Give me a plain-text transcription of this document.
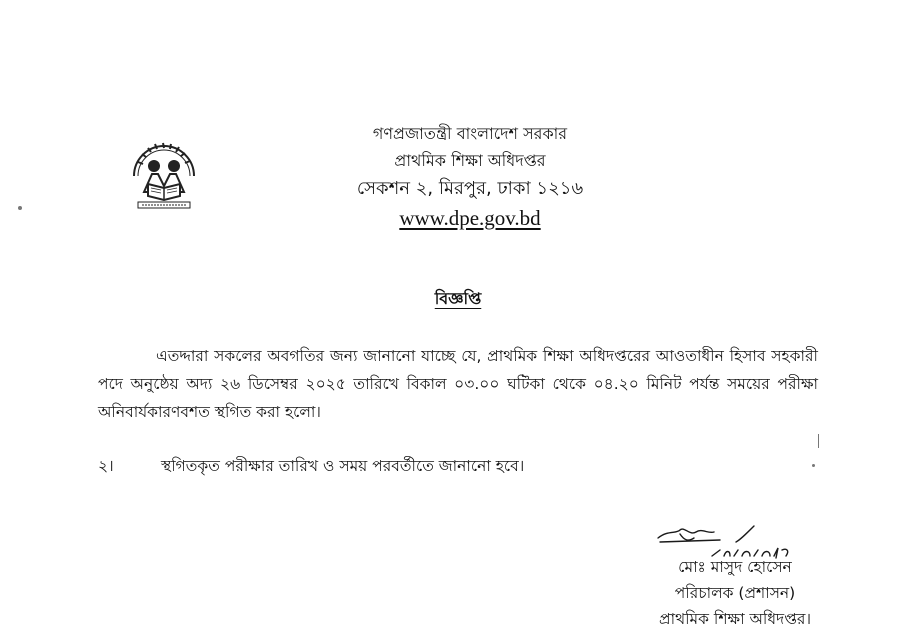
গণপ্রজাতন্ত্রী বাংলাদেশ সরকার
প্রাথমিক শিক্ষা অধিদপ্তর
সেকশন ২, মিরপুর, ঢাকা ১২১৬
www.dpe.gov.bd
বিজ্ঞপ্তি
এতদ্দারা সকলের অবগতির জন্য জানানো যাচ্ছে যে, প্রাথমিক শিক্ষা অধিদপ্তরের আওতাধীন হিসাব সহকারী পদে অনুষ্ঠেয় অদ্য ২৬ ডিসেম্বর ২০২৫ তারিখে বিকাল ০৩.০০ ঘটিকা থেকে ০৪.২০ মিনিট পর্যন্ত সময়ের পরীক্ষা অনিবার্যকারণবশত স্থগিত করা হলো।
২।	স্থগিতকৃত পরীক্ষার তারিখ ও সময় পরবর্তীতে জানানো হবে।
মোঃ মাসুদ হোসেন
পরিচালক (প্রশাসন)
প্রাথমিক শিক্ষা অধিদপ্তর।
